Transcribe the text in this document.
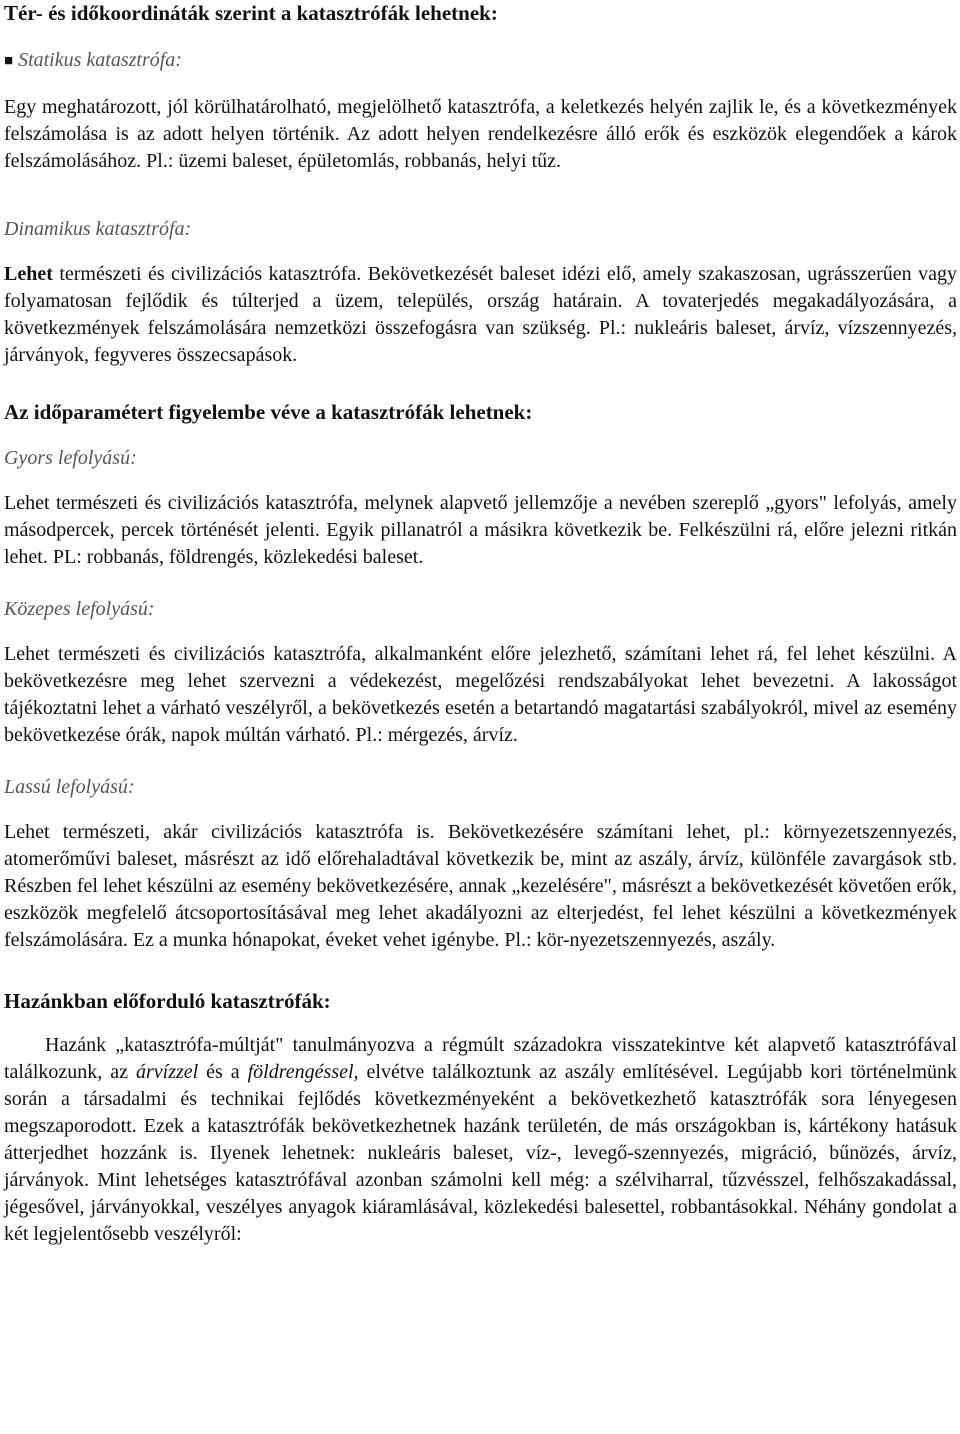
Tér- és időkoordináták szerint a katasztrófák lehetnek:

■ Statikus katasztrófa:

Egy meghatározott, jól körülhatárolható, megjelölhető katasztrófa, a keletkezés helyén zajlik le, és a következmények felszámolása is az adott helyen történik. Az adott helyen rendelkezésre álló erők és eszközök elegendőek a károk felszámolásához. Pl.: üzemi baleset, épületomlás, robbanás, helyi tűz.

Dinamikus katasztrófa:

Lehet természeti és civilizációs katasztrófa. Bekövetkezését baleset idézi elő, amely szakaszosan, ugrásszerűen vagy folyamatosan fejlődik és túlterjed a üzem, település, ország határain. A tovaterjedés megakadályozására, a következmények felszámolására nemzetközi összefogásra van szükség. Pl.: nukleáris baleset, árvíz, vízszennyezés, járványok, fegyveres összecsapások.

Az időparamétert figyelembe véve a katasztrófák lehetnek:

Gyors lefolyású:

Lehet természeti és civilizációs katasztrófa, melynek alapvető jellemzője a nevében szereplő „gyors" lefolyás, amely másodpercek, percek történését jelenti. Egyik pillanatról a másikra következik be. Felkészülni rá, előre jelezni ritkán lehet. PL: robbanás, földrengés, közlekedési baleset.

Közepes lefolyású:

Lehet természeti és civilizációs katasztrófa, alkalmanként előre jelezhető, számítani lehet rá, fel lehet készülni. A bekövetkezésre meg lehet szervezni a védekezést, megelőzési rendszabályokat lehet bevezetni. A lakosságot tájékoztatni lehet a várható veszélyről, a bekövetkezés esetén a betartandó magatartási szabályokról, mivel az esemény bekövetkezése órák, napok múltán várható. Pl.: mérgezés, árvíz.

Lassú lefolyású:

Lehet természeti, akár civilizációs katasztrófa is. Bekövetkezésére számítani lehet, pl.: környezetszennyezés, atomerőművi baleset, másrészt az idő előrehaladtával következik be, mint az aszály, árvíz, különféle zavargások stb. Részben fel lehet készülni az esemény bekövetkezésére, annak „kezelésére", másrészt a bekövetkezését követően erők, eszközök megfelelő átcsoportosításával meg lehet akadályozni az elterjedést, fel lehet készülni a következmények felszámolására. Ez a munka hónapokat, éveket vehet igénybe. Pl.: kör-nyezetszennyezés, aszály.

Hazánkban előforduló katasztrófák:

Hazánk „katasztrófa-múltját" tanulmányozva a régmúlt századokra visszatekintve két alapvető katasztrófával találkozunk, az árvízzel és a földrengéssel, elvétve találkoztunk az aszály említésével. Legújabb kori történelmünk során a társadalmi és technikai fejlődés következményeként a bekövetkezhető katasztrófák sora lényegesen megszaporodott. Ezek a katasztrófák bekövetkezhetnek hazánk területén, de más országokban is, kártékony hatásuk átterjedhet hozzánk is. Ilyenek lehetnek: nukleáris baleset, víz-, levegő-szennyezés, migráció, bűnözés, árvíz, járványok. Mint lehetséges katasztrófával azonban számolni kell még: a szélviharral, tűzvésszel, felhőszakadással, jégesővel, járványokkal, veszélyes anyagok kiáramlásával, közlekedési balesettel, robbantásokkal. Néhány gondolat a két legjelentősebb veszélyről:
